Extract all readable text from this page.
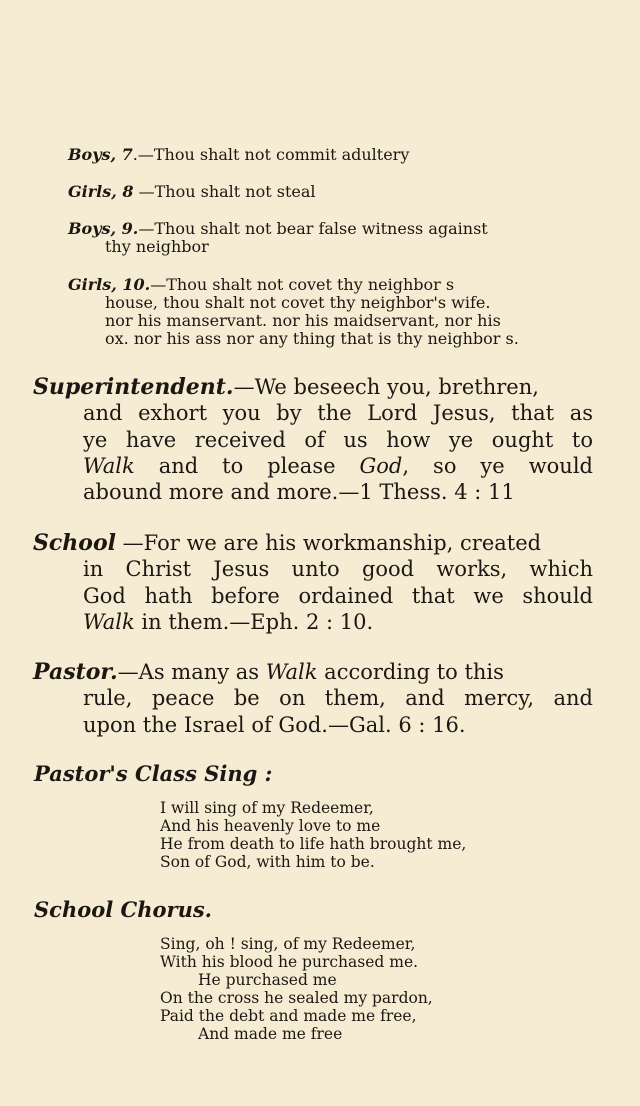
Boys, 7.—Thou shalt not commit adultery
Girls, 8 —Thou shalt not steal
Boys, 9.—Thou shalt not bear false witness against
thy neighbor
Girls, 10.—Thou shalt not covet thy neighbor s
house, thou shalt not covet thy neighbor's wife.
nor his manservant. nor his maidservant, nor his
ox. nor his ass nor any thing that is thy neighbor s.
Superintendent.—We beseech you, brethren,
and exhort you by the Lord Jesus, that as
ye have received of us how ye ought to
Walk and to please God, so ye would
abound more and more.—1 Thess. 4 : 11
School —For we are his workmanship, created
in Christ Jesus unto good works, which
God hath before ordained that we should
Walk in them.—Eph. 2 : 10.
Pastor.—As many as Walk according to this
rule, peace be on them, and mercy, and
upon the Israel of God.—Gal. 6 : 16.
Pastor's Class Sing :
I will sing of my Redeemer,
And his heavenly love to me
He from death to life hath brought me,
Son of God, with him to be.
School Chorus.
Sing, oh ! sing, of my Redeemer,
With his blood he purchased me.
He purchased me
On the cross he sealed my pardon,
Paid the debt and made me free,
And made me free
